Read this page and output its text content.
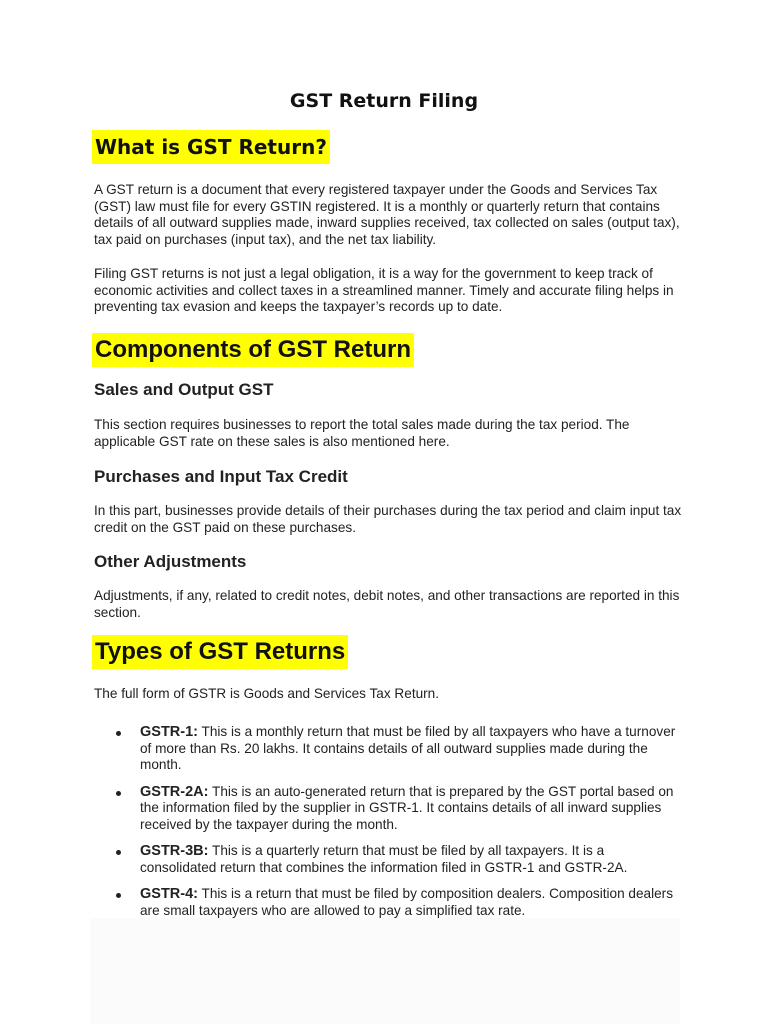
GST Return Filing
What is GST Return?

A GST return is a document that every registered taxpayer under the Goods and Services Tax (GST) law must file for every GSTIN registered. It is a monthly or quarterly return that contains details of all outward supplies made, inward supplies received, tax collected on sales (output tax), tax paid on purchases (input tax), and the net tax liability.

Filing GST returns is not just a legal obligation, it is a way for the government to keep track of economic activities and collect taxes in a streamlined manner. Timely and accurate filing helps in preventing tax evasion and keeps the taxpayer’s records up to date.

Components of GST Return
Sales and Output GST

This section requires businesses to report the total sales made during the tax period. The applicable GST rate on these sales is also mentioned here.

Purchases and Input Tax Credit

In this part, businesses provide details of their purchases during the tax period and claim input tax credit on the GST paid on these purchases.

Other Adjustments

Adjustments, if any, related to credit notes, debit notes, and other transactions are reported in this section.

Types of GST Returns

The full form of GSTR is Goods and Services Tax Return.

GSTR-1: This is a monthly return that must be filed by all taxpayers who have a turnover of more than Rs. 20 lakhs. It contains details of all outward supplies made during the month.
GSTR-2A: This is an auto-generated return that is prepared by the GST portal based on the information filed by the supplier in GSTR-1. It contains details of all inward supplies received by the taxpayer during the month.
GSTR-3B: This is a quarterly return that must be filed by all taxpayers. It is a consolidated return that combines the information filed in GSTR-1 and GSTR-2A.
GSTR-4: This is a return that must be filed by composition dealers. Composition dealers are small taxpayers who are allowed to pay a simplified tax rate.
